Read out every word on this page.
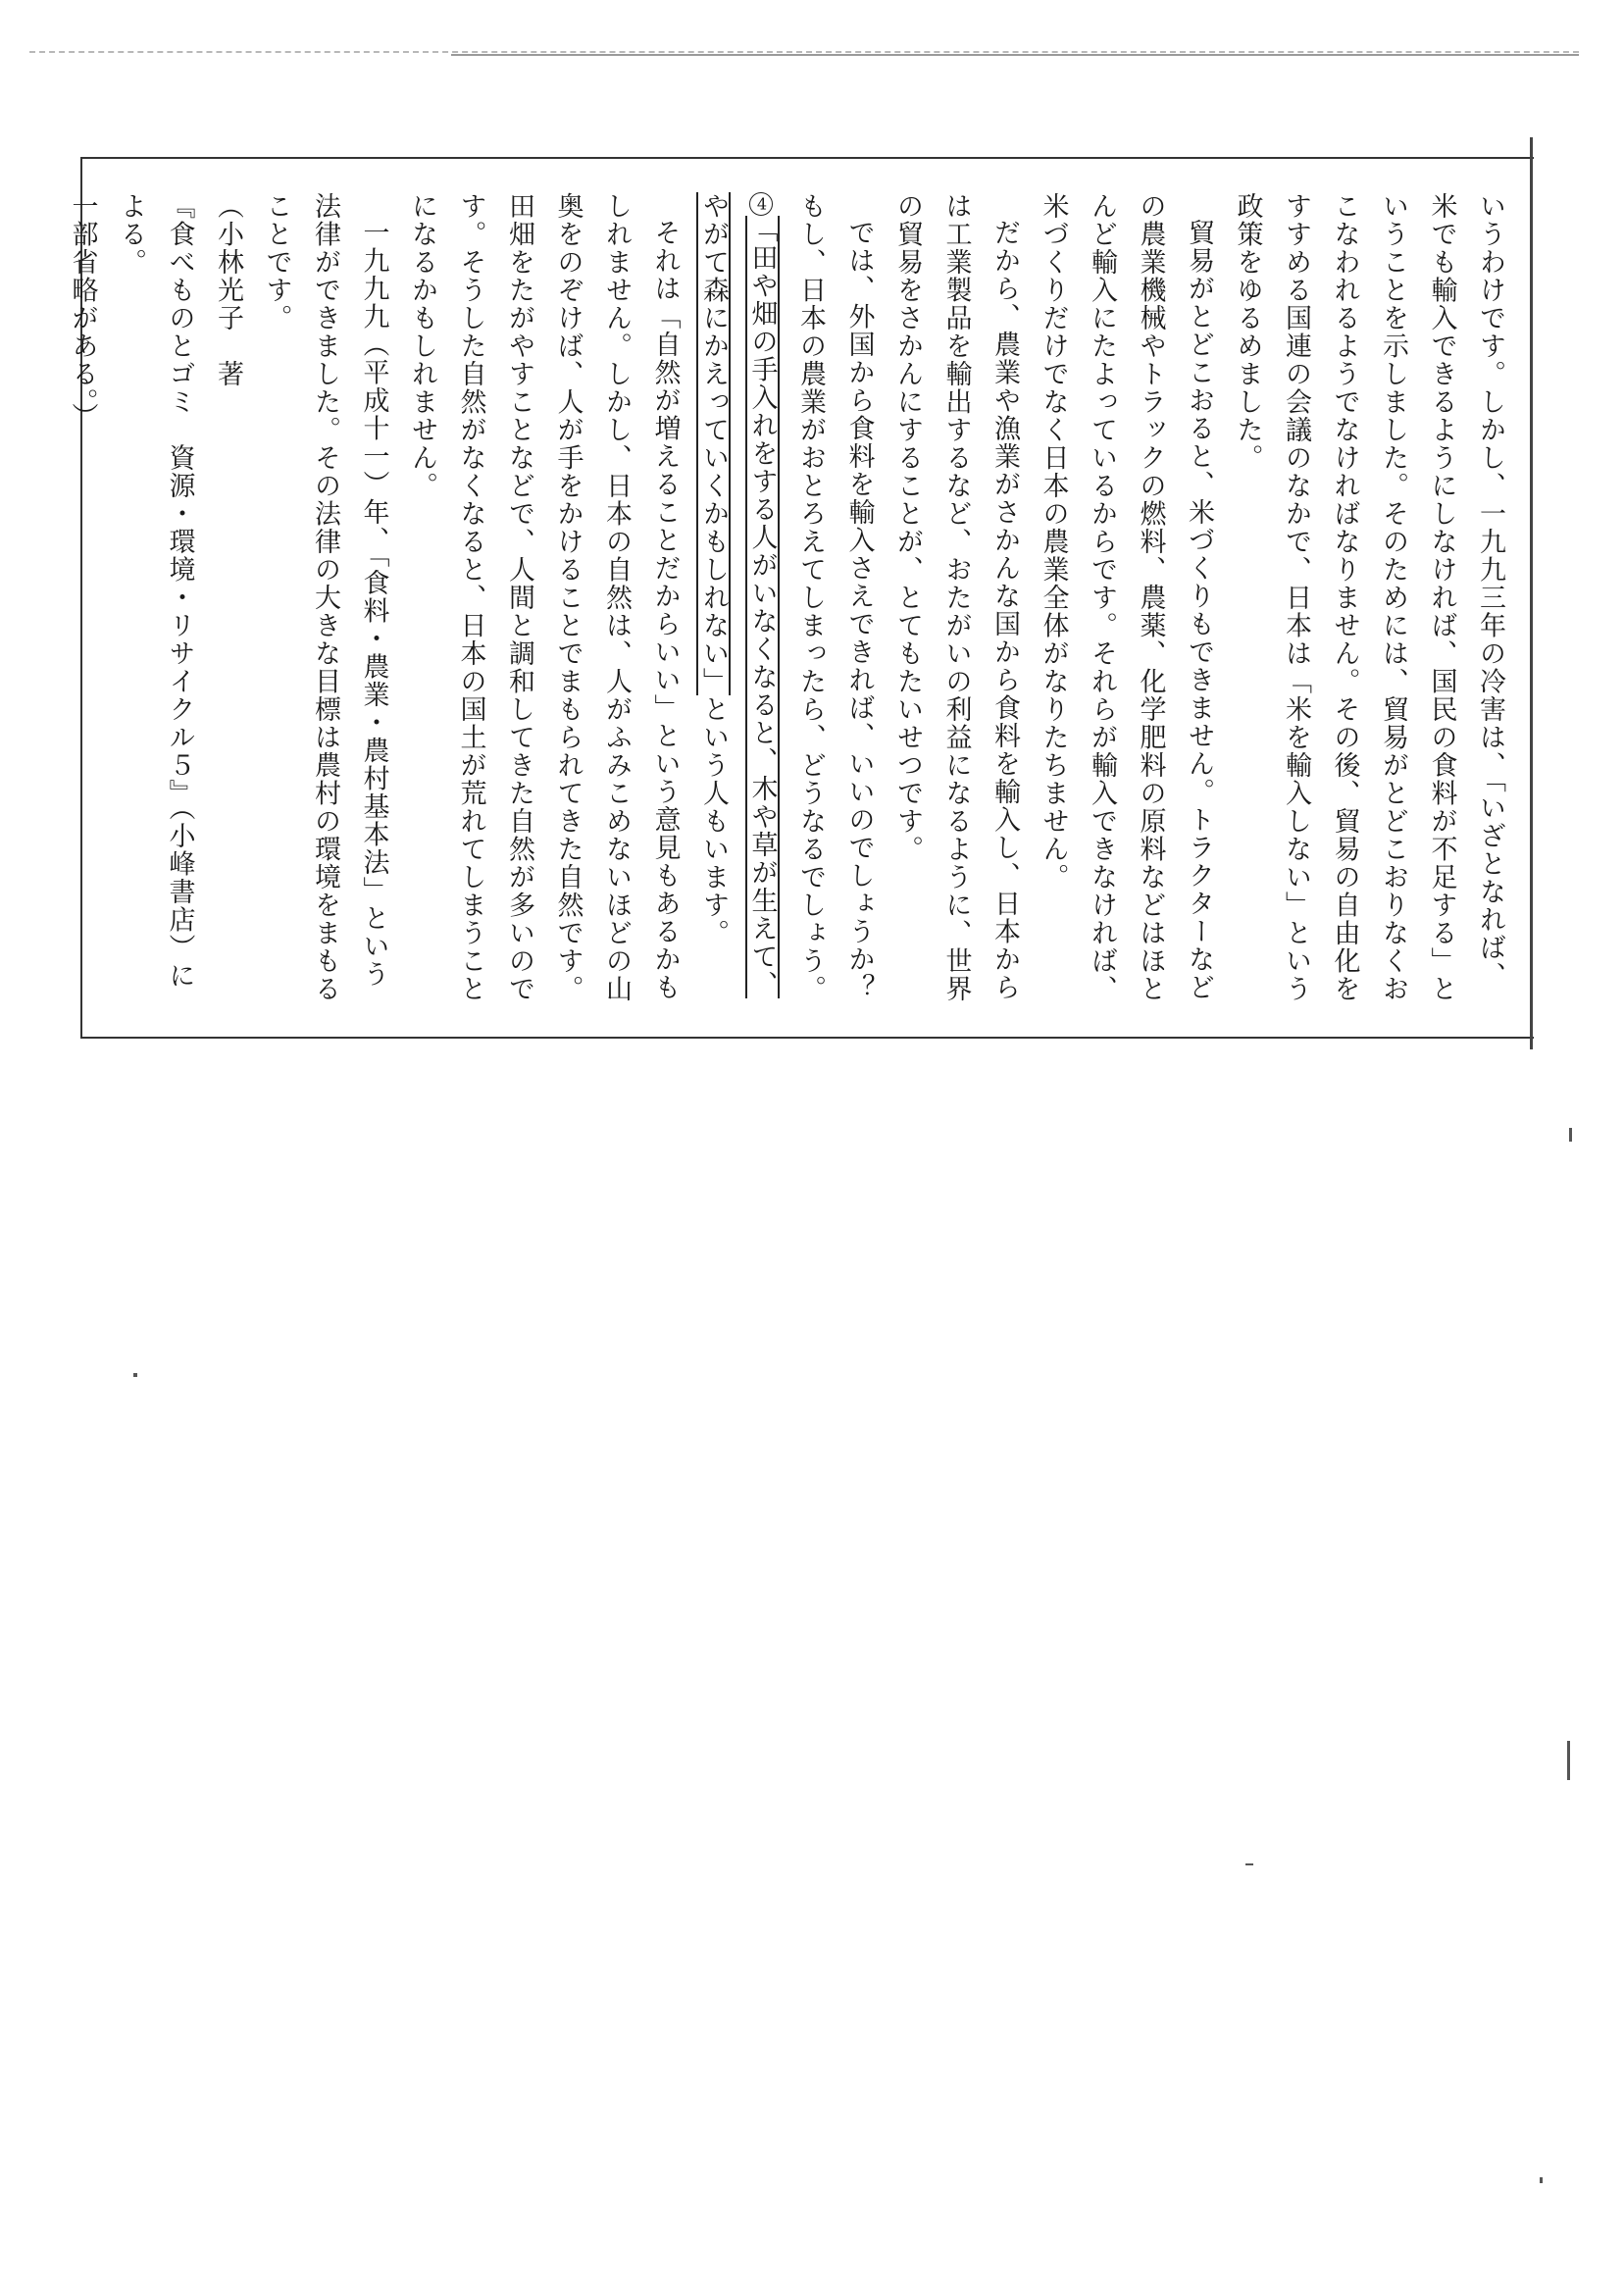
いうわけです。しかし、一九九三年の冷害は、「いざとなれば、米でも輸入できるようにしなければ、国民の食料が不足する」ということを示しました。そのためには、貿易がとどこおりなくおこなわれるようでなければなりません。その後、貿易の自由化をすすめる国連の会議のなかで、日本は「米を輸入しない」という政策をゆるめました。

貿易がとどこおると、米づくりもできません。トラクターなどの農業機械やトラックの燃料、農薬、化学肥料の原料などはほとんど輸入にたよっているからです。それらが輸入できなければ、米づくりだけでなく日本の農業全体がなりたちません。

だから、農業や漁業がさかんな国から食料を輸入し、日本からは工業製品を輸出するなど、おたがいの利益になるように、世界の貿易をさかんにすることが、とてもたいせつです。

では、外国から食料を輸入さえできれば、いいのでしょうか？

もし、日本の農業がおとろえてしまったら、どうなるでしょう。4「田や畑の手入れをする人がいなくなると、木や草が生えて、やがて森にかえっていくかもしれない」という人もいます。

それは「自然が増えることだからいい」という意見もあるかもしれません。しかし、日本の自然は、人がふみこめないほどの山奥をのぞけば、人が手をかけることでまもられてきた自然です。田畑をたがやすことなどで、人間と調和してきた自然が多いのです。そうした自然がなくなると、日本の国土が荒れてしまうことになるかもしれません。

一九九九（平成十一）年、「食料・農業・農村基本法」という法律ができました。その法律の大きな目標は農村の環境をまもることです。

（小林光子　著

『食べものとゴミ　資源・環境・リサイクル５』（小峰書店）による。
一部省略がある。）
